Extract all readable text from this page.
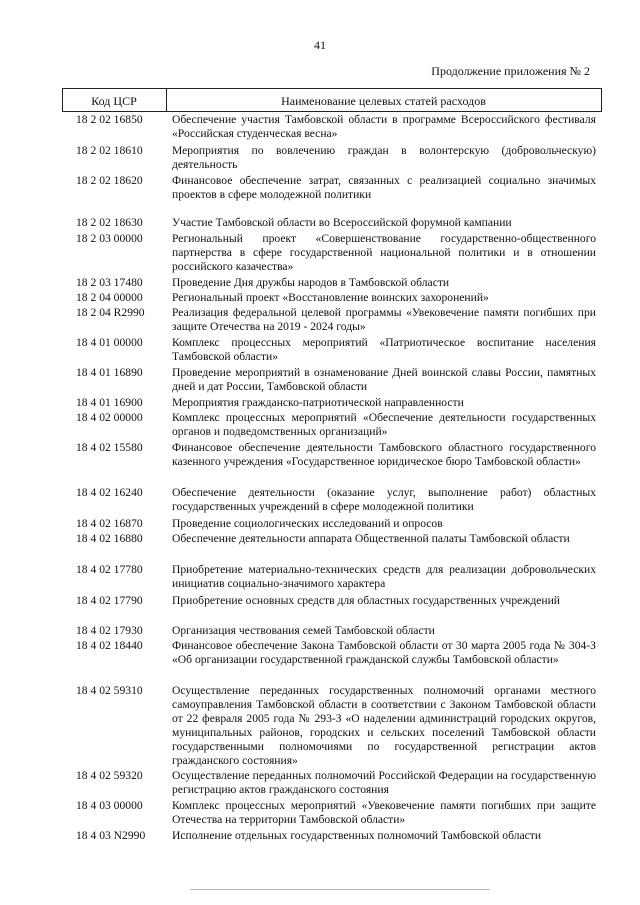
41
Продолжение приложения № 2
Код ЦСР	Наименование целевых статей расходов
18 2 02 16850	Обеспечение участия Тамбовской области в программе Всероссийского фестиваля «Российская студенческая весна»
18 2 02 18610	Мероприятия по вовлечению граждан в волонтерскую (добровольческую) деятельность
18 2 02 18620	Финансовое обеспечение затрат, связанных с реализацией социально значимых проектов в сфере молодежной политики
18 2 02 18630	Участие Тамбовской области во Всероссийской форумной кампании
18 2 03 00000	Региональный проект «Совершенствование государственно-общественного партнерства в сфере государственной национальной политики и в отношении российского казачества»
18 2 03 17480	Проведение Дня дружбы народов в Тамбовской области
18 2 04 00000	Региональный проект «Восстановление воинских захоронений»
18 2 04 R2990	Реализация федеральной целевой программы «Увековечение памяти погибших при защите Отечества на 2019 - 2024 годы»
18 4 01 00000	Комплекс процессных мероприятий «Патриотическое воспитание населения Тамбовской области»
18 4 01 16890	Проведение мероприятий в ознаменование Дней воинской славы России, памятных дней и дат России, Тамбовской области
18 4 01 16900	Мероприятия гражданско-патриотической направленности
18 4 02 00000	Комплекс процессных мероприятий «Обеспечение деятельности государственных органов и подведомственных организаций»
18 4 02 15580	Финансовое обеспечение деятельности Тамбовского областного государственного казенного учреждения «Государственное юридическое бюро Тамбовской области»
18 4 02 16240	Обеспечение деятельности (оказание услуг, выполнение работ) областных государственных учреждений в сфере молодежной политики
18 4 02 16870	Проведение социологических исследований и опросов
18 4 02 16880	Обеспечение деятельности аппарата Общественной палаты Тамбовской области
18 4 02 17780	Приобретение материально-технических средств для реализации добровольческих инициатив социально-значимого характера
18 4 02 17790	Приобретение основных средств для областных государственных учреждений
18 4 02 17930	Организация чествования семей Тамбовской области
18 4 02 18440	Финансовое обеспечение Закона Тамбовской области от 30 марта 2005 года № 304-З «Об организации государственной гражданской службы Тамбовской области»
18 4 02 59310	Осуществление переданных государственных полномочий органами местного самоуправления Тамбовской области в соответствии с Законом Тамбовской области от 22 февраля 2005 года № 293-З «О наделении администраций городских округов, муниципальных районов, городских и сельских поселений Тамбовской области государственными полномочиями по государственной регистрации актов гражданского состояния»
18 4 02 59320	Осуществление переданных полномочий Российской Федерации на государственную регистрацию актов гражданского состояния
18 4 03 00000	Комплекс процессных мероприятий «Увековечение памяти погибших при защите Отечества на территории Тамбовской области»
18 4 03 N2990	Исполнение отдельных государственных полномочий Тамбовской области
